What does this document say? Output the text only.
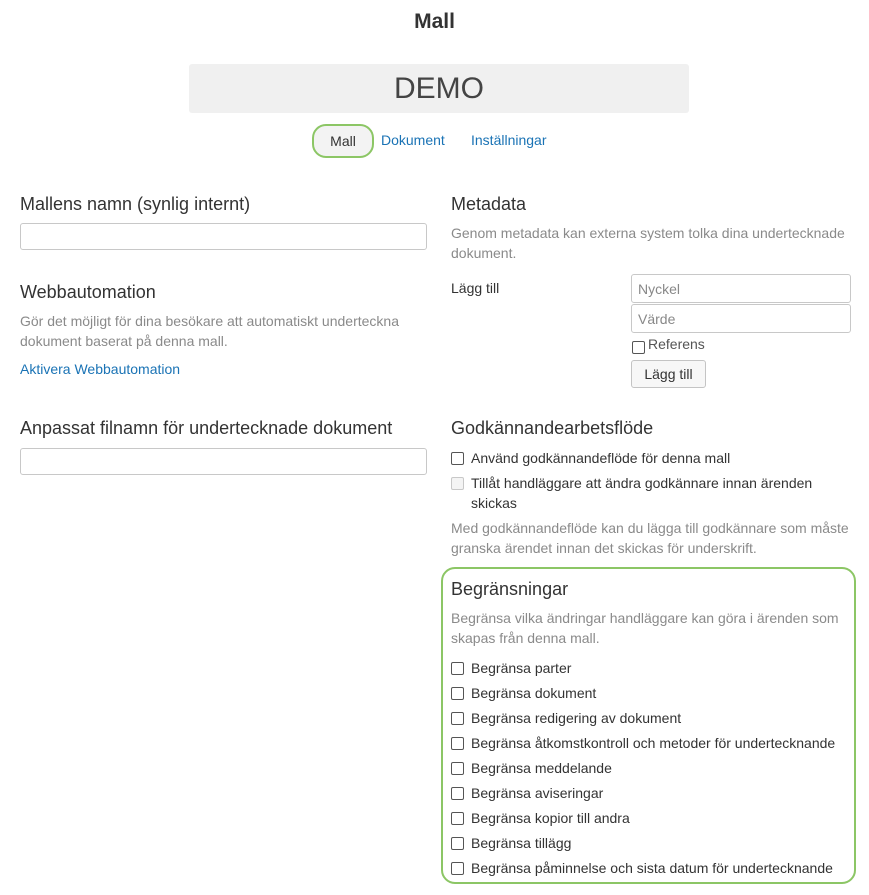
Mall
DEMO
Mall Dokument Inställningar
Mallens namn (synlig internt)
Webbautomation
Gör det möjligt för dina besökare att automatiskt underteckna dokument baserat på denna mall.
Aktivera Webbautomation
Anpassat filnamn för undertecknade dokument
Metadata
Genom metadata kan externa system tolka dina undertecknade dokument.
Lägg till
Nyckel
Värde
Referens
Lägg till
Godkännandearbetsflöde
Använd godkännandeflöde för denna mall
Tillåt handläggare att ändra godkännare innan ärenden skickas
Med godkännandeflöde kan du lägga till godkännare som måste granska ärendet innan det skickas för underskrift.
Begränsningar
Begränsa vilka ändringar handläggare kan göra i ärenden som skapas från denna mall.
Begränsa parter
Begränsa dokument
Begränsa redigering av dokument
Begränsa åtkomstkontroll och metoder för undertecknande
Begränsa meddelande
Begränsa aviseringar
Begränsa kopior till andra
Begränsa tillägg
Begränsa påminnelse och sista datum för undertecknande
